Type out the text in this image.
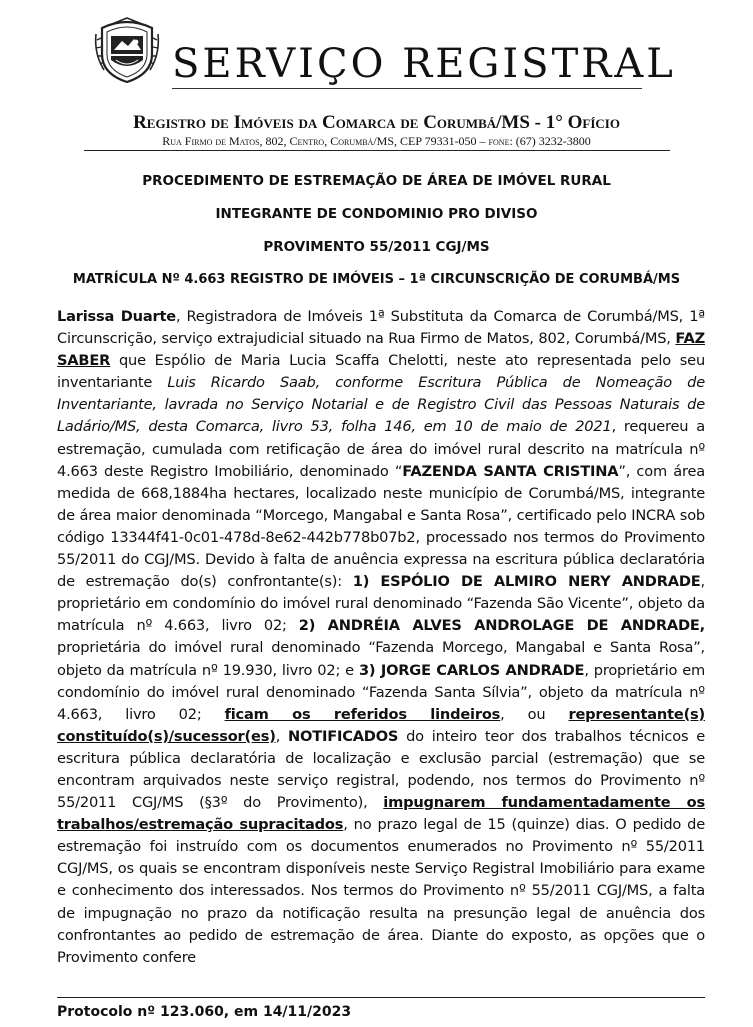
SERVIÇO REGISTRAL
Registro de Imóveis da Comarca de Corumbá/MS - 1° Ofício
Rua Firmo de Matos, 802, Centro, Corumbá/MS, CEP 79331-050 – fone: (67) 3232-3800
PROCEDIMENTO DE ESTREMAÇÃO DE ÁREA DE IMÓVEL RURAL
INTEGRANTE DE CONDOMINIO PRO DIVISO
PROVIMENTO 55/2011 CGJ/MS
MATRÍCULA Nº 4.663 REGISTRO DE IMÓVEIS – 1ª CIRCUNSCRIÇÃO DE CORUMBÁ/MS
Larissa Duarte, Registradora de Imóveis 1ª Substituta da Comarca de Corumbá/MS, 1ª Circunscrição, serviço extrajudicial situado na Rua Firmo de Matos, 802, Corumbá/MS, FAZ SABER que Espólio de Maria Lucia Scaffa Chelotti, neste ato representada pelo seu inventariante Luis Ricardo Saab, conforme Escritura Pública de Nomeação de Inventariante, lavrada no Serviço Notarial e de Registro Civil das Pessoas Naturais de Ladário/MS, desta Comarca, livro 53, folha 146, em 10 de maio de 2021, requereu a estremação, cumulada com retificação de área do imóvel rural descrito na matrícula nº 4.663 deste Registro Imobiliário, denominado “FAZENDA SANTA CRISTINA”, com área medida de 668,1884ha hectares, localizado neste município de Corumbá/MS, integrante de área maior denominada “Morcego, Mangabal e Santa Rosa”, certificado pelo INCRA sob código 13344f41-0c01-478d-8e62-442b778b07b2, processado nos termos do Provimento 55/2011 do CGJ/MS. Devido à falta de anuência expressa na escritura pública declaratória de estremação do(s) confrontante(s): 1) ESPÓLIO DE ALMIRO NERY ANDRADE, proprietário em condomínio do imóvel rural denominado “Fazenda São Vicente”, objeto da matrícula nº 4.663, livro 02; 2) ANDRÉIA ALVES ANDROLAGE DE ANDRADE, proprietária do imóvel rural denominado “Fazenda Morcego, Mangabal e Santa Rosa”, objeto da matrícula nº 19.930, livro 02; e 3) JORGE CARLOS ANDRADE, proprietário em condomínio do imóvel rural denominado “Fazenda Santa Sílvia”, objeto da matrícula nº 4.663, livro 02; ficam os referidos lindeiros, ou representante(s) constituído(s)/sucessor(es), NOTIFICADOS do inteiro teor dos trabalhos técnicos e escritura pública declaratória de localização e exclusão parcial (estremação) que se encontram arquivados neste serviço registral, podendo, nos termos do Provimento nº 55/2011 CGJ/MS (§3º do Provimento), impugnarem fundamentadamente os trabalhos/estremação supracitados, no prazo legal de 15 (quinze) dias. O pedido de estremação foi instruído com os documentos enumerados no Provimento nº 55/2011 CGJ/MS, os quais se encontram disponíveis neste Serviço Registral Imobiliário para exame e conhecimento dos interessados. Nos termos do Provimento nº 55/2011 CGJ/MS, a falta de impugnação no prazo da notificação resulta na presunção legal de anuência dos confrontantes ao pedido de estremação de área. Diante do exposto, as opções que o Provimento confere
Protocolo nº 123.060, em 14/11/2023
